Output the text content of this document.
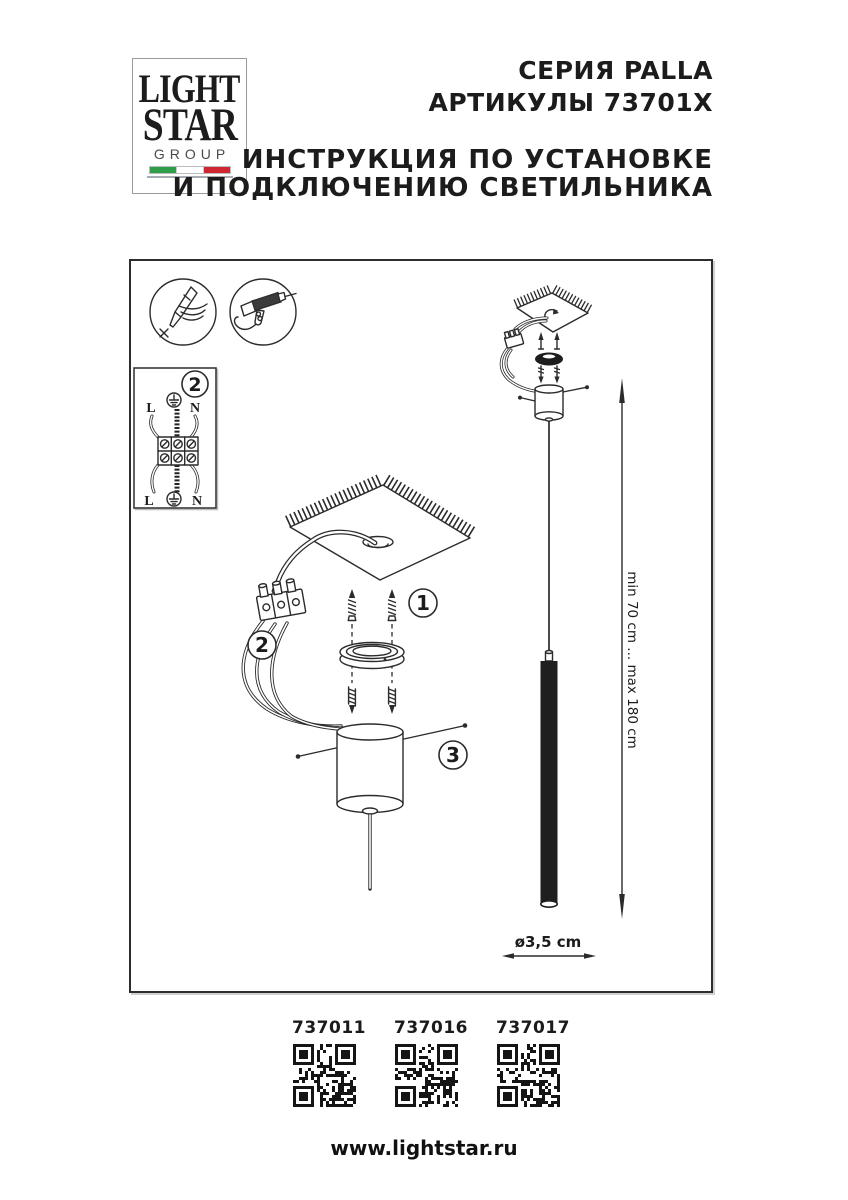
LIGHT
STAR
GROUP
СЕРИЯ PALLA
АРТИКУЛЫ 73701X
ИНСТРУКЦИЯ ПО УСТАНОВКЕ
И ПОДКЛЮЧЕНИЮ СВЕТИЛЬНИКА
L N
L	N
2
2
1
3
min 70 cm ... max 180 cm
ø3,5 cm
737011 737016 737017
www.lightstar.ru
